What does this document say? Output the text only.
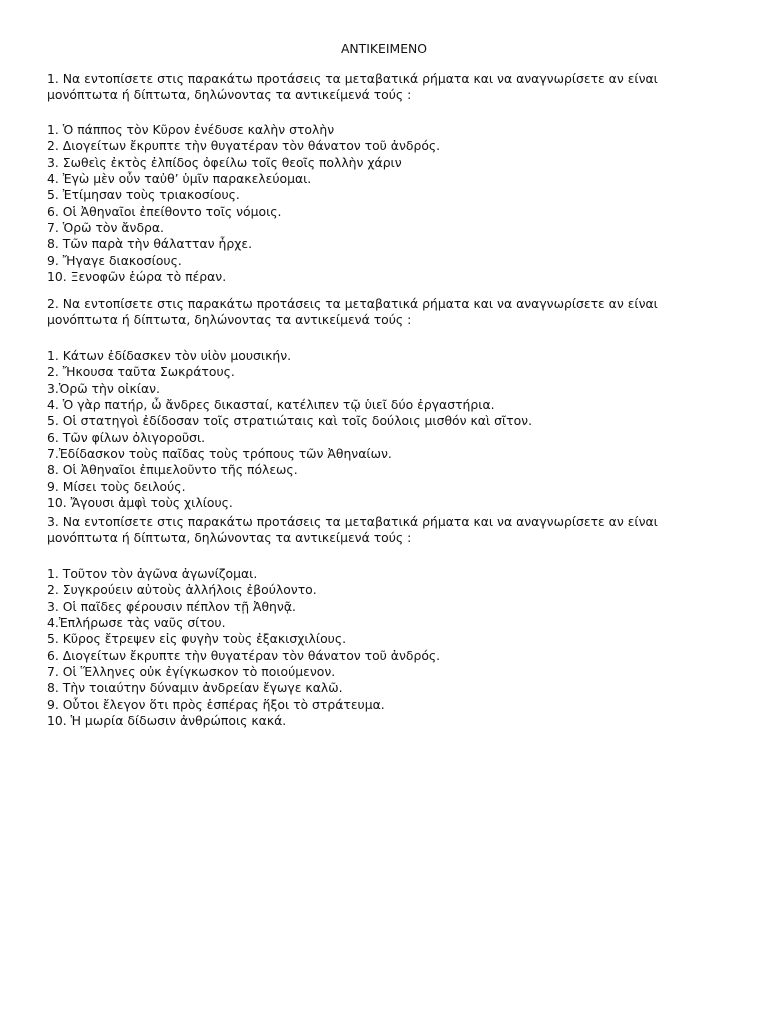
ΑΝΤΙΚΕΙΜΕΝΟ

1. Να εντοπίσετε στις παρακάτω προτάσεις τα μεταβατικά ρήματα και να αναγνωρίσετε αν είναι μονόπτωτα ή δίπτωτα, δηλώνοντας τα αντικείμενά τούς :

1. Ὁ πάππος τὸν Κῦρον ἐνέδυσε καλὴν στολὴν
2. Διογείτων ἔκρυπτε τὴν θυγατέραν τὸν θάνατον τοῦ ἀνδρός.
3. Σωθεὶς ἐκτὸς ἐλπίδος ὀφείλω τοῖς θεοῖς πολλὴν χάριν
4. Ἐγὼ μὲν οὖν ταὐθ’ ὑμῖν παρακελεύομαι.
5. Ἐτίμησαν τοὺς τριακοσίους.
6. Οἱ Ἀθηναῖοι ἐπείθοντο τοῖς νόμοις.
7. Ὁρῶ τὸν ἄνδρα.
8. Τῶν παρὰ τὴν θάλατταν ἦρχε.
9. Ἤγαγε διακοσίους.
10. Ξενοφῶν ἑώρα τὸ πέραν.

2. Να εντοπίσετε στις παρακάτω προτάσεις τα μεταβατικά ρήματα και να αναγνωρίσετε αν είναι μονόπτωτα ή δίπτωτα, δηλώνοντας τα αντικείμενά τούς :

1. Κάτων ἐδίδασκεν τὸν υἱὸν μουσικήν.
2. Ἤκουσα ταῦτα Σωκράτους.
3.Ὁρῶ τὴν οἰκίαν.
4. Ὁ γὰρ πατήρ, ὦ ἄνδρες δικασταί, κατέλιπεν τῷ ὑιεῖ δύο ἐργαστήρια.
5. Οἱ στατηγοὶ ἐδίδοσαν τοῖς στρατιώταις καὶ τοῖς δούλοις μισθόν καὶ σῖτον.
6. Τῶν φίλων ὀλιγοροῦσι.
7.Ἐδίδασκον τοὺς παῖδας τοὺς τρόπους τῶν Ἀθηναίων.
8. Οἱ Ἀθηναῖοι ἐπιμελοῦντο τῆς πόλεως.
9. Μίσει τοὺς δειλούς.
10. Ἄγουσι ἀμφὶ τοὺς χιλίους.

3. Να εντοπίσετε στις παρακάτω προτάσεις τα μεταβατικά ρήματα και να αναγνωρίσετε αν είναι μονόπτωτα ή δίπτωτα, δηλώνοντας τα αντικείμενά τούς :

1. Τοῦτον τὸν ἀγῶνα ἀγωνίζομαι.
2. Συγκρούειν αὐτοὺς ἀλλήλοις ἐβούλοντο.
3. Οἱ παῖδες φέρουσιν πέπλον τῇ Ἀθηνᾷ.
4.Ἐπλήρωσε τὰς ναῦς σίτου.
5. Κῦρος ἔτρεψεν εἰς φυγὴν τοὺς ἐξακισχιλίους.
6. Διογείτων ἔκρυπτε τὴν θυγατέραν τὸν θάνατον τοῦ ἀνδρός.
7. Οἱ Ἕλληνες οὐκ ἐγίγκωσκον τὸ ποιούμενον.
8. Τὴν τοιαύτην δύναμιν ἀνδρείαν ἔγωγε καλῶ.
9. Οὗτοι ἔλεγον ὅτι πρὸς ἑσπέρας ἥξοι τὸ στράτευμα.
10. Ἡ μωρία δίδωσιν ἀνθρώποις κακά.
